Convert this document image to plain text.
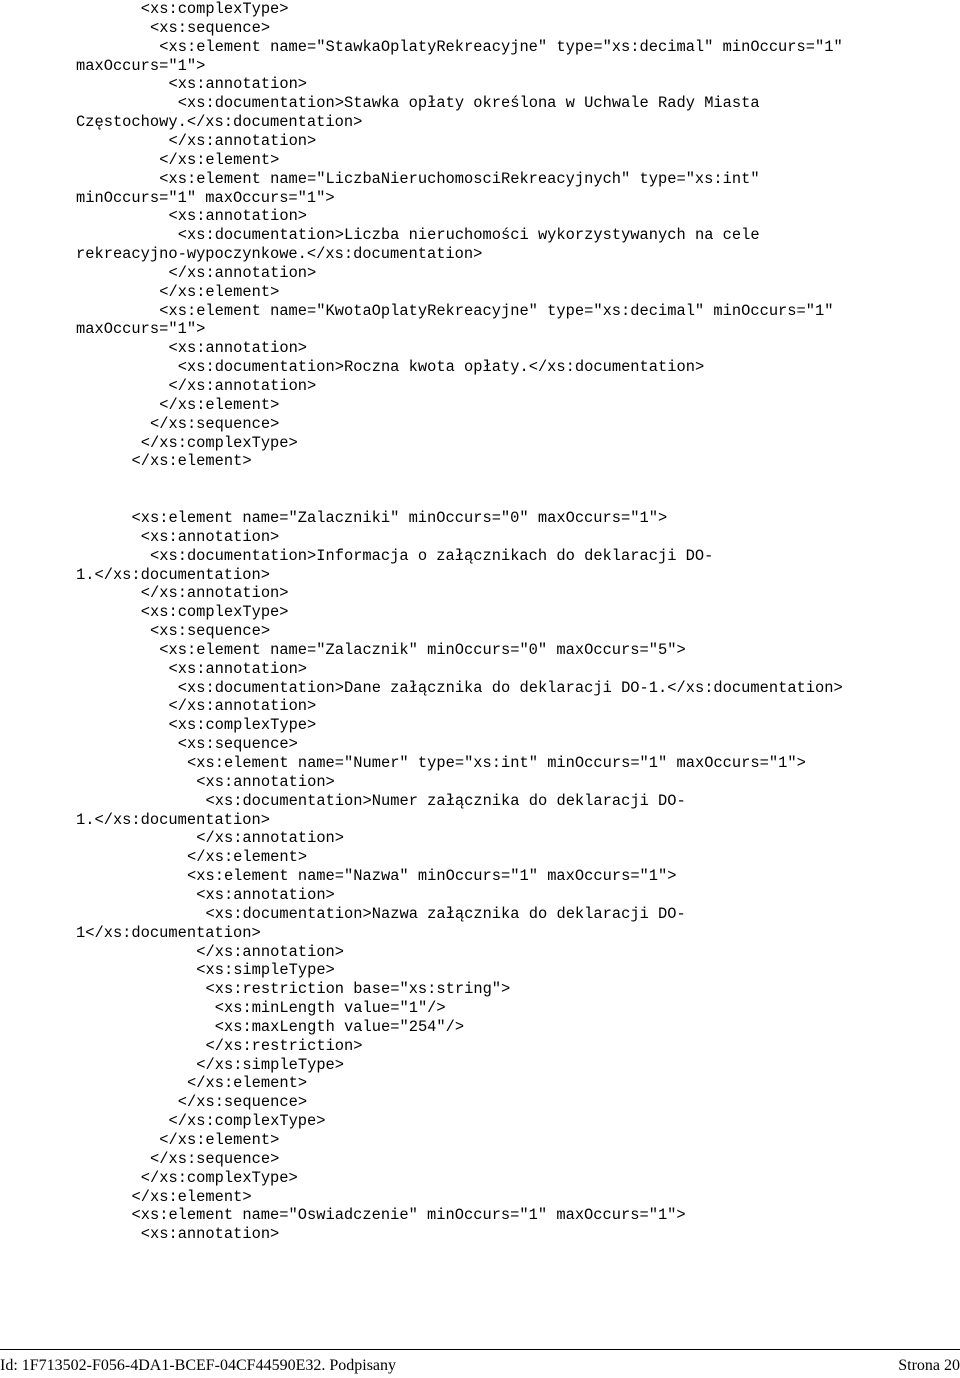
<xs:complexType>
<xs:sequence>
<xs:element name="StawkaOplatyRekreacyjne" type="xs:decimal" minOccurs="1"
maxOccurs="1">
<xs:annotation>
<xs:documentation>Stawka opłaty określona w Uchwale Rady Miasta
Częstochowy.</xs:documentation>
</xs:annotation>
</xs:element>
<xs:element name="LiczbaNieruchomosciRekreacyjnych" type="xs:int"
minOccurs="1" maxOccurs="1">
<xs:annotation>
<xs:documentation>Liczba nieruchomości wykorzystywanych na cele
rekreacyjno-wypoczynkowe.</xs:documentation>
</xs:annotation>
</xs:element>
<xs:element name="KwotaOplatyRekreacyjne" type="xs:decimal" minOccurs="1"
maxOccurs="1">
<xs:annotation>
<xs:documentation>Roczna kwota opłaty.</xs:documentation>
</xs:annotation>
</xs:element>
</xs:sequence>
</xs:complexType>
</xs:element>
<xs:element name="Zalaczniki" minOccurs="0" maxOccurs="1">
<xs:annotation>
<xs:documentation>Informacja o załącznikach do deklaracji DO-
1.</xs:documentation>
</xs:annotation>
<xs:complexType>
<xs:sequence>
<xs:element name="Zalacznik" minOccurs="0" maxOccurs="5">
<xs:annotation>
<xs:documentation>Dane załącznika do deklaracji DO-1.</xs:documentation>
</xs:annotation>
<xs:complexType>
<xs:sequence>
<xs:element name="Numer" type="xs:int" minOccurs="1" maxOccurs="1">
<xs:annotation>
<xs:documentation>Numer załącznika do deklaracji DO-
1.</xs:documentation>
</xs:annotation>
</xs:element>
<xs:element name="Nazwa" minOccurs="1" maxOccurs="1">
<xs:annotation>
<xs:documentation>Nazwa załącznika do deklaracji DO-
1</xs:documentation>
</xs:annotation>
<xs:simpleType>
<xs:restriction base="xs:string">
<xs:minLength value="1"/>
<xs:maxLength value="254"/>
</xs:restriction>
</xs:simpleType>
</xs:element>
</xs:sequence>
</xs:complexType>
</xs:element>
</xs:sequence>
</xs:complexType>
</xs:element>
<xs:element name="Oswiadczenie" minOccurs="1" maxOccurs="1">
<xs:annotation>
Id: 1F713502-F056-4DA1-BCEF-04CF44590E32. Podpisany	Strona 20
